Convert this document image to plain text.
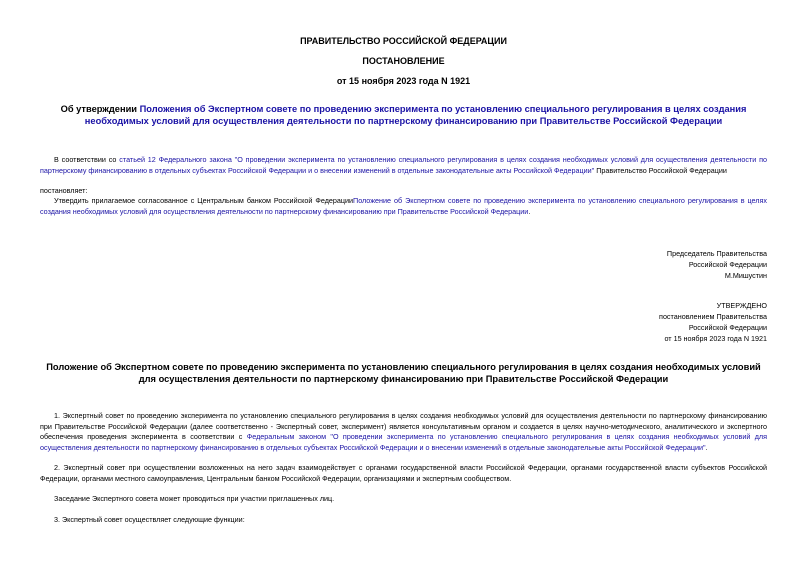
ПРАВИТЕЛЬСТВО РОССИЙСКОЙ ФЕДЕРАЦИИ
ПОСТАНОВЛЕНИЕ
от 15 ноября 2023 года N 1921
Об утверждении Положения об Экспертном совете по проведению эксперимента по установлению специального регулирования в целях создания необходимых условий для осуществления деятельности по партнерскому финансированию при Правительстве Российской Федерации
В соответствии со статьей 12 Федерального закона "О проведении эксперимента по установлению специального регулирования в целях создания необходимых условий для осуществления деятельности по партнерскому финансированию в отдельных субъектах Российской Федерации и о внесении изменений в отдельные законодательные акты Российской Федерации" Правительство Российской Федерации
постановляет:
Утвердить прилагаемое согласованное с Центральным банком Российской ФедерацииПоложение об Экспертном совете по проведению эксперимента по установлению специального регулирования в целях создания необходимых условий для осуществления деятельности по партнерскому финансированию при Правительстве Российской Федерации.
Председатель Правительства
Российской Федерации
М.Мишустин
УТВЕРЖДЕНО
постановлением Правительства
Российской Федерации
от 15 ноября 2023 года N 1921
Положение об Экспертном совете по проведению эксперимента по установлению специального регулирования в целях создания необходимых условий для осуществления деятельности по партнерскому финансированию при Правительстве Российской Федерации
1. Экспертный совет по проведению эксперимента по установлению специального регулирования в целях создания необходимых условий для осуществления деятельности по партнерскому финансированию при Правительстве Российской Федерации (далее соответственно - Экспертный совет, эксперимент) является консультативным органом и создается в целях научно-методического, аналитического и экспертного обеспечения проведения эксперимента в соответствии с Федеральным законом "О проведении эксперимента по установлению специального регулирования в целях создания необходимых условий для осуществления деятельности по партнерскому финансированию в отдельных субъектах Российской Федерации и о внесении изменений в отдельные законодательные акты Российской Федерации".
2. Экспертный совет при осуществлении возложенных на него задач взаимодействует с органами государственной власти Российской Федерации, органами государственной власти субъектов Российской Федерации, органами местного самоуправления, Центральным банком Российской Федерации, организациями и экспертным сообществом.
Заседание Экспертного совета может проводиться при участии приглашенных лиц.
3. Экспертный совет осуществляет следующие функции:
